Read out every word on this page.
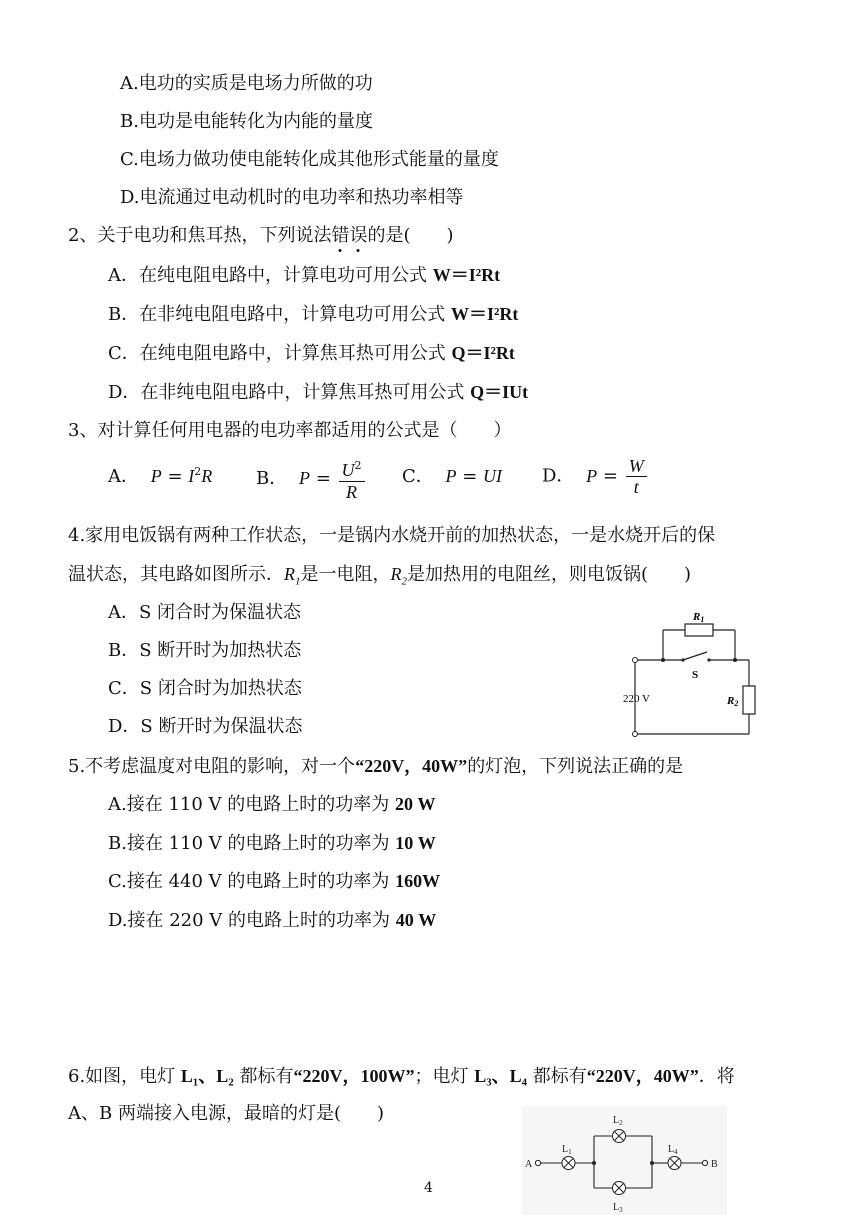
A.电功的实质是电场力所做的功
B.电功是电能转化为内能的量度
C.电场力做功使电能转化成其他形式能量的量度
D.电流通过电动机时的电功率和热功率相等
2、关于电功和焦耳热，下列说法错误的是(　　)
A．在纯电阻电路中，计算电功可用公式 W＝I²Rt
B．在非纯电阻电路中，计算电功可用公式 W＝I²Rt
C．在纯电阻电路中，计算焦耳热可用公式 Q＝I²Rt
D．在非纯电阻电路中，计算焦耳热可用公式 Q＝IUt
3、对计算任何用电器的电功率都适用的公式是（　　）
A． $P = I^2R$ B． $P = \frac{U^2}{R}$ C． P = UI D． $P = \frac{W}{t}$
4.家用电饭锅有两种工作状态，一是锅内水烧开前的加热状态，一是水烧开后的保
温状态，其电路如图所示．$R_1$是一电阻，$R_2$是加热用的电阻丝，则电饭锅(　　)
A．S 闭合时为保温状态
B．S 断开时为加热状态
C．S 闭合时为加热状态
D．S 断开时为保温状态
R1
S
220 V	R2
5.不考虑温度对电阻的影响，对一个“220V，40W”的灯泡，下列说法正确的是
A.接在 110 V 的电路上时的功率为 20 W
B.接在 110 V 的电路上时的功率为 10 W
C.接在 440 V 的电路上时的功率为 160W
D.接在 220 V 的电路上时的功率为 40 W
6.如图，电灯 L₁、L₂ 都标有“220V，100W”；电灯 L₃、L₄ 都标有“220V，40W”．将
A、B 两端接入电源，最暗的灯是(　　)
A	B
$L_1$
$L_2$
$L_3$
$L_4$
4
